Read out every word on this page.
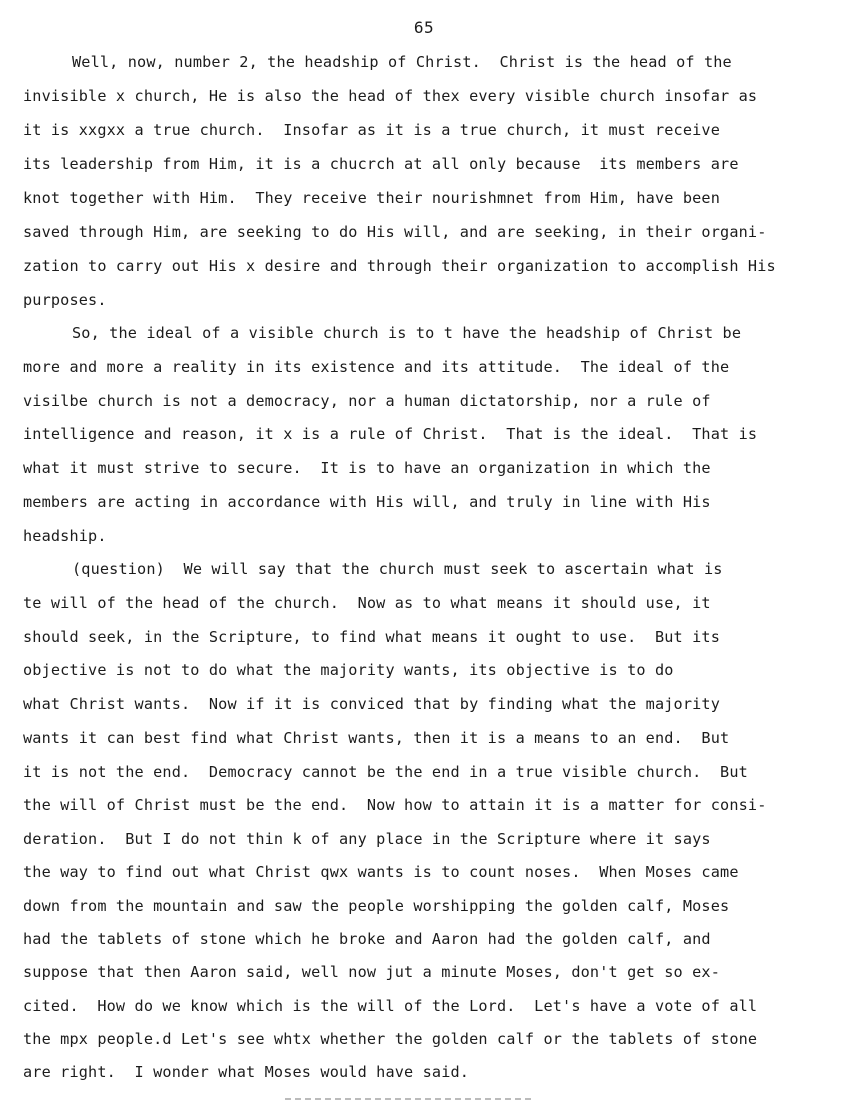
65
Well, now, number 2, the headship of Christ.  Christ is the head of the
invisible x church, He is also the head of thex every visible church insofar as
it is xxgxx a true church.  Insofar as it is a true church, it must receive
its leadership from Him, it is a chucrch at all only because  its members are
knot together with Him.  They receive their nourishmnet from Him, have been
saved through Him, are seeking to do His will, and are seeking, in their organi-
zation to carry out His x desire and through their organization to accomplish His
purposes.
So, the ideal of a visible church is to t have the headship of Christ be
more and more a reality in its existence and its attitude.  The ideal of the
visilbe church is not a democracy, nor a human dictatorship, nor a rule of
intelligence and reason, it x is a rule of Christ.  That is the ideal.  That is
what it must strive to secure.  It is to have an organization in which the
members are acting in accordance with His will, and truly in line with His
headship.
(question)  We will say that the church must seek to ascertain what is
te will of the head of the church.  Now as to what means it should use, it
should seek, in the Scripture, to find what means it ought to use.  But its
objective is not to do what the majority wants, its objective is to do
what Christ wants.  Now if it is conviced that by finding what the majority
wants it can best find what Christ wants, then it is a means to an end.  But
it is not the end.  Democracy cannot be the end in a true visible church.  But
the will of Christ must be the end.  Now how to attain it is a matter for consi-
deration.  But I do not thin k of any place in the Scripture where it says
the way to find out what Christ qwx wants is to count noses.  When Moses came
down from the mountain and saw the people worshipping the golden calf, Moses
had the tablets of stone which he broke and Aaron had the golden calf, and
suppose that then Aaron said, well now jut a minute Moses, don't get so ex-
cited.  How do we know which is the will of the Lord.  Let's have a vote of all
the mpx people.d Let's see whtx whether the golden calf or the tablets of stone
are right.  I wonder what Moses would have said.
